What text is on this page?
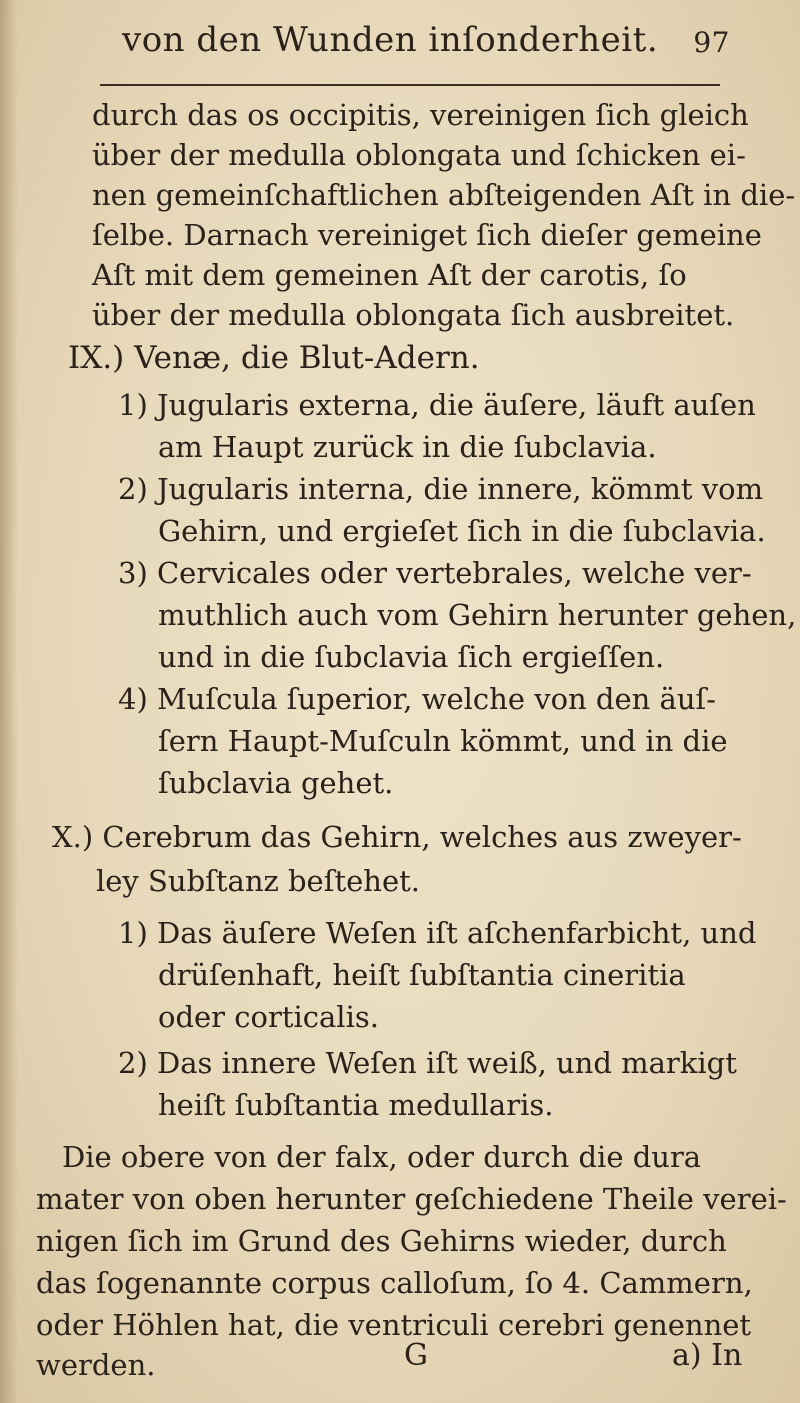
von den Wunden inſonderheit. 97
durch das os occipitis, vereinigen ſich gleich
über der medulla oblongata und ſchicken ei-
nen gemeinſchaftlichen abſteigenden Aſt in die-
ſelbe. Darnach vereiniget ſich dieſer gemeine
Aſt mit dem gemeinen Aſt der carotis, ſo
über der medulla oblongata ſich ausbreitet.
IX.) Venæ, die Blut-Adern.
1) Jugularis externa, die äuſere, läuft auſen
am Haupt zurück in die ſubclavia.
2) Jugularis interna, die innere, kömmt vom
Gehirn, und ergieſet ſich in die ſubclavia.
3) Cervicales oder vertebrales, welche ver-
muthlich auch vom Gehirn herunter gehen,
und in die ſubclavia ſich ergieſſen.
4) Muſcula ſuperior, welche von den äuſ-
ſern Haupt-Muſculn kömmt, und in die
ſubclavia gehet.
X.) Cerebrum das Gehirn, welches aus zweyer-
ley Subſtanz beſtehet.
1) Das äuſere Weſen iſt aſchenfarbicht, und
drüſenhaft, heiſt ſubſtantia cineritia
oder corticalis.
2) Das innere Weſen iſt weiß, und markigt
heiſt ſubſtantia medullaris.
Die obere von der falx, oder durch die dura
mater von oben herunter geſchiedene Theile verei-
nigen ſich im Grund des Gehirns wieder, durch
das ſogenannte corpus calloſum, ſo 4. Cammern,
oder Höhlen hat, die ventriculi cerebri genennet
werden.	G	a) In
